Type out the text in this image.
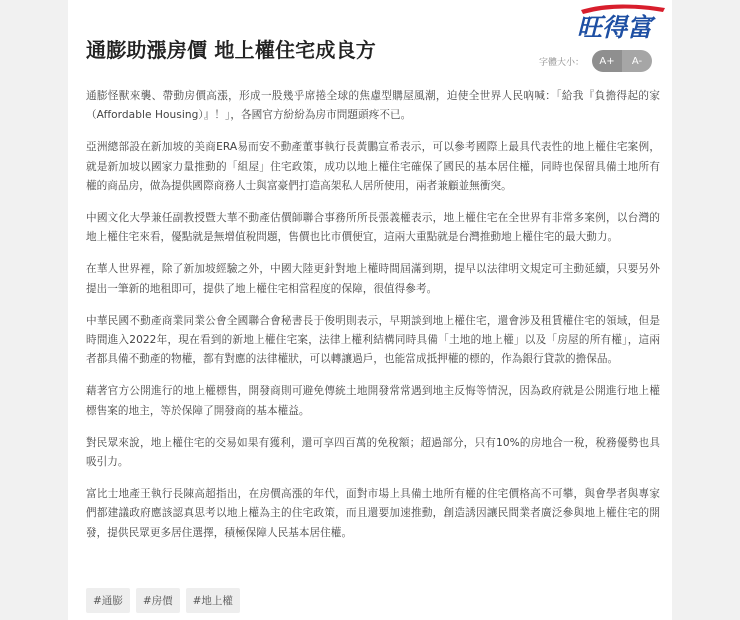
旺得富
通膨助漲房價 地上權住宅成良方
字體大小：	A+	A-

通膨怪獸來襲、帶動房價高漲，形成一股幾乎席捲全球的焦慮型購屋風潮，迫使全世界人民吶喊：「給我『負擔得起的家（Affordable Housing）』！」，各國官方紛紛為房市問題頭疼不已。

亞洲總部設在新加坡的美商ERA易而安不動產董事執行長黃鵬宣希表示，可以參考國際上最具代表性的地上權住宅案例，就是新加坡以國家力量推動的「組屋」住宅政策，成功以地上權住宅確保了國民的基本居住權，同時也保留具備土地所有權的商品房，做為提供國際商務人士與富豪們打造高架私人居所使用，兩者兼顧並無衝突。

中國文化大學兼任副教授暨大華不動產估價師聯合事務所所長張義權表示，地上權住宅在全世界有非常多案例，以台灣的地上權住宅來看，優點就是無增值稅問題，售價也比市價便宜，這兩大重點就是台灣推動地上權住宅的最大動力。

在華人世界裡，除了新加坡經驗之外，中國大陸更針對地上權時間屆滿到期，提早以法律明文規定可主動延續，只要另外提出一筆新的地租即可，提供了地上權住宅相當程度的保障，很值得參考。

中華民國不動產商業同業公會全國聯合會秘書長于俊明則表示，早期談到地上權住宅，還會涉及租賃權住宅的領域，但是時間進入2022年，現在看到的新地上權住宅案，法律上權利結構同時具備「土地的地上權」以及「房屋的所有權」，這兩者都具備不動產的物權，都有對應的法律權狀，可以轉讓過戶，也能當成抵押權的標的，作為銀行貸款的擔保品。

藉著官方公開進行的地上權標售，開發商則可避免傳統土地開發常常遇到地主反悔等情況，因為政府就是公開進行地上權標售案的地主，等於保障了開發商的基本權益。

對民眾來說，地上權住宅的交易如果有獲利，還可享四百萬的免稅額；超過部分，只有10%的房地合一稅，稅務優勢也具吸引力。

富比士地產王執行長陳高超指出，在房價高漲的年代，面對市場上具備土地所有權的住宅價格高不可攀，與會學者與專家們都建議政府應該認真思考以地上權為主的住宅政策，而且還要加速推動，創造誘因讓民間業者廣泛參與地上權住宅的開發，提供民眾更多居住選擇，積極保障人民基本居住權。

#通膨	#房價	#地上權
